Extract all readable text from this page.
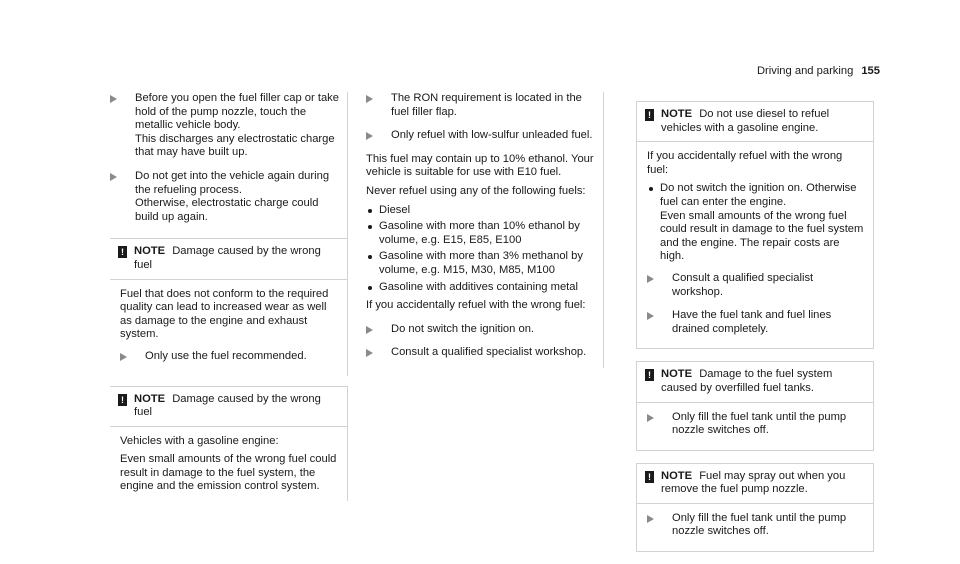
Driving and parking 155

Before you open the fuel filler cap or take hold of the pump nozzle, touch the metallic vehicle body.
This discharges any electrostatic charge that may have built up.

Do not get into the vehicle again during the refueling process.
Otherwise, electrostatic charge could build up again.

! NOTE Damage caused by the wrong fuel

Fuel that does not conform to the required quality can lead to increased wear as well as damage to the engine and exhaust system.

Only use the fuel recommended.

! NOTE Damage caused by the wrong fuel

Vehicles with a gasoline engine:

Even small amounts of the wrong fuel could result in damage to the fuel system, the engine and the emission control system.

The RON requirement is located in the fuel filler flap.

Only refuel with low-sulfur unleaded fuel.

This fuel may contain up to 10% ethanol. Your vehicle is suitable for use with E10 fuel.

Never refuel using any of the following fuels:

Diesel
Gasoline with more than 10% ethanol by volume, e.g. E15, E85, E100
Gasoline with more than 3% methanol by volume, e.g. M15, M30, M85, M100
Gasoline with additives containing metal

If you accidentally refuel with the wrong fuel:

Do not switch the ignition on.

Consult a qualified specialist workshop.

! NOTE Do not use diesel to refuel vehicles with a gasoline engine.

If you accidentally refuel with the wrong fuel:

Do not switch the ignition on. Otherwise fuel can enter the engine.
Even small amounts of the wrong fuel could result in damage to the fuel system and the engine. The repair costs are high.

Consult a qualified specialist workshop.

Have the fuel tank and fuel lines drained completely.

! NOTE Damage to the fuel system caused by overfilled fuel tanks.

Only fill the fuel tank until the pump nozzle switches off.

! NOTE Fuel may spray out when you remove the fuel pump nozzle.

Only fill the fuel tank until the pump nozzle switches off.
